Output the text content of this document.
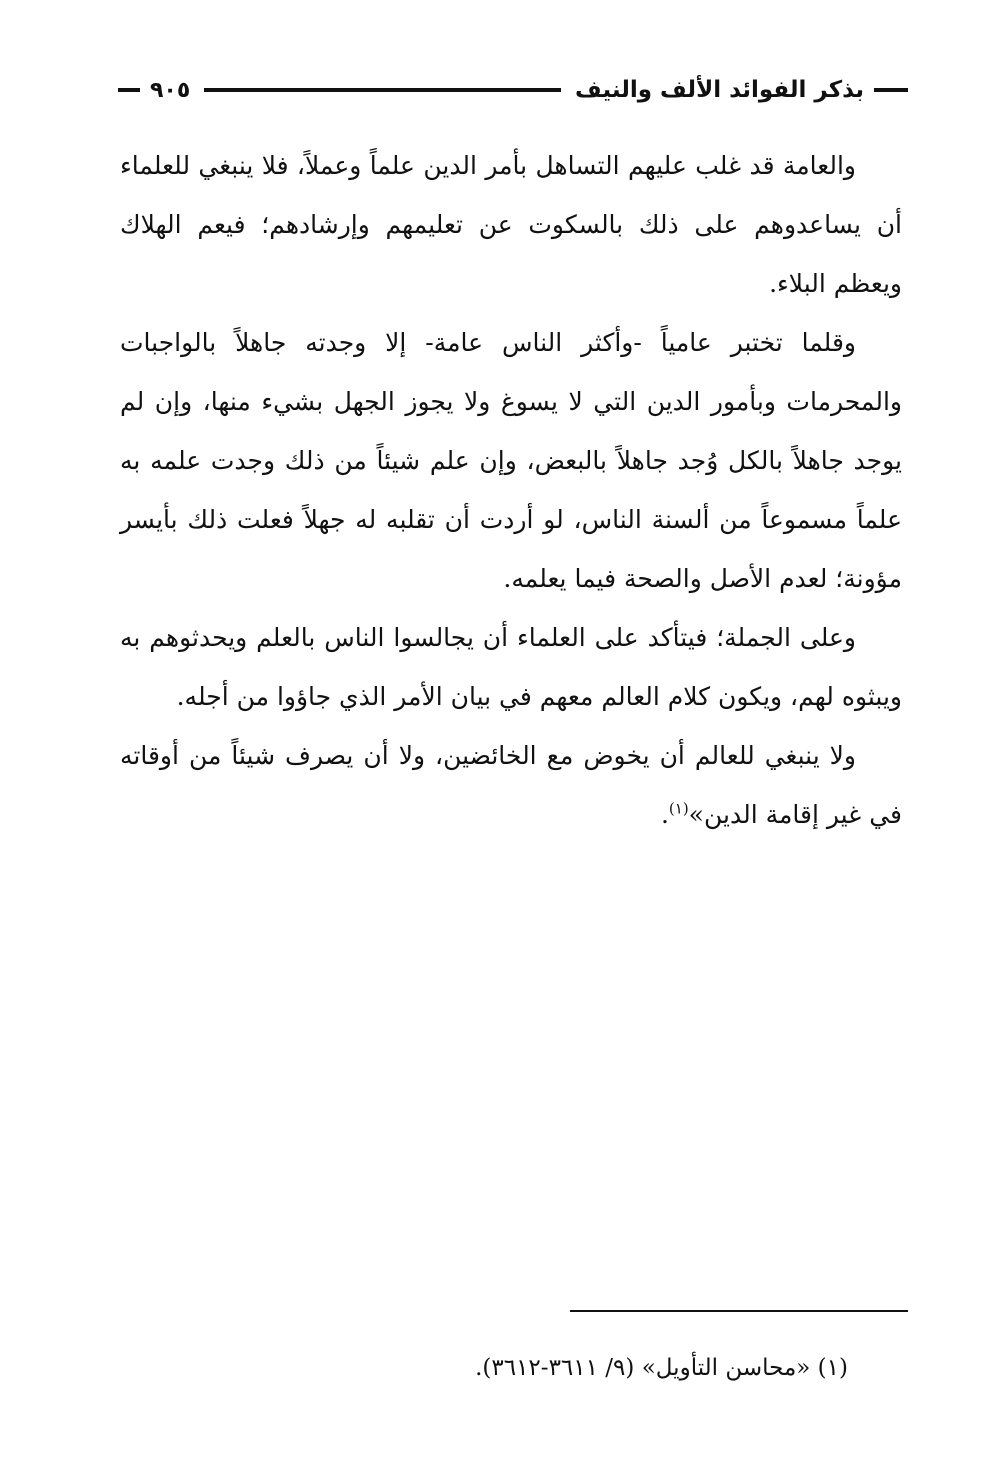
بذكر الفوائد الألف والنيف
٩٠٥

والعامة قد غلب عليهم التساهل بأمر الدين علماً وعملاً، فلا ينبغي للعلماء أن يساعدوهم على ذلك بالسكوت عن تعليمهم وإرشادهم؛ فيعم الهلاك ويعظم البلاء.

وقلما تختبر عامياً -وأكثر الناس عامة- إلا وجدته جاهلاً بالواجبات والمحرمات وبأمور الدين التي لا يسوغ ولا يجوز الجهل بشيء منها، وإن لم يوجد جاهلاً بالكل وُجد جاهلاً بالبعض، وإن علم شيئاً من ذلك وجدت علمه به علماً مسموعاً من ألسنة الناس، لو أردت أن تقلبه له جهلاً فعلت ذلك بأيسر مؤونة؛ لعدم الأصل والصحة فيما يعلمه.

وعلى الجملة؛ فيتأكد على العلماء أن يجالسوا الناس بالعلم ويحدثوهم به ويبثوه لهم، ويكون كلام العالم معهم في بيان الأمر الذي جاؤوا من أجله.

ولا ينبغي للعالم أن يخوض مع الخائضين، ولا أن يصرف شيئاً من أوقاته في غير إقامة الدين»$^{(١)}$.

(١) «محاسن التأويل» (٩/ ٣٦١١-٣٦١٢).
